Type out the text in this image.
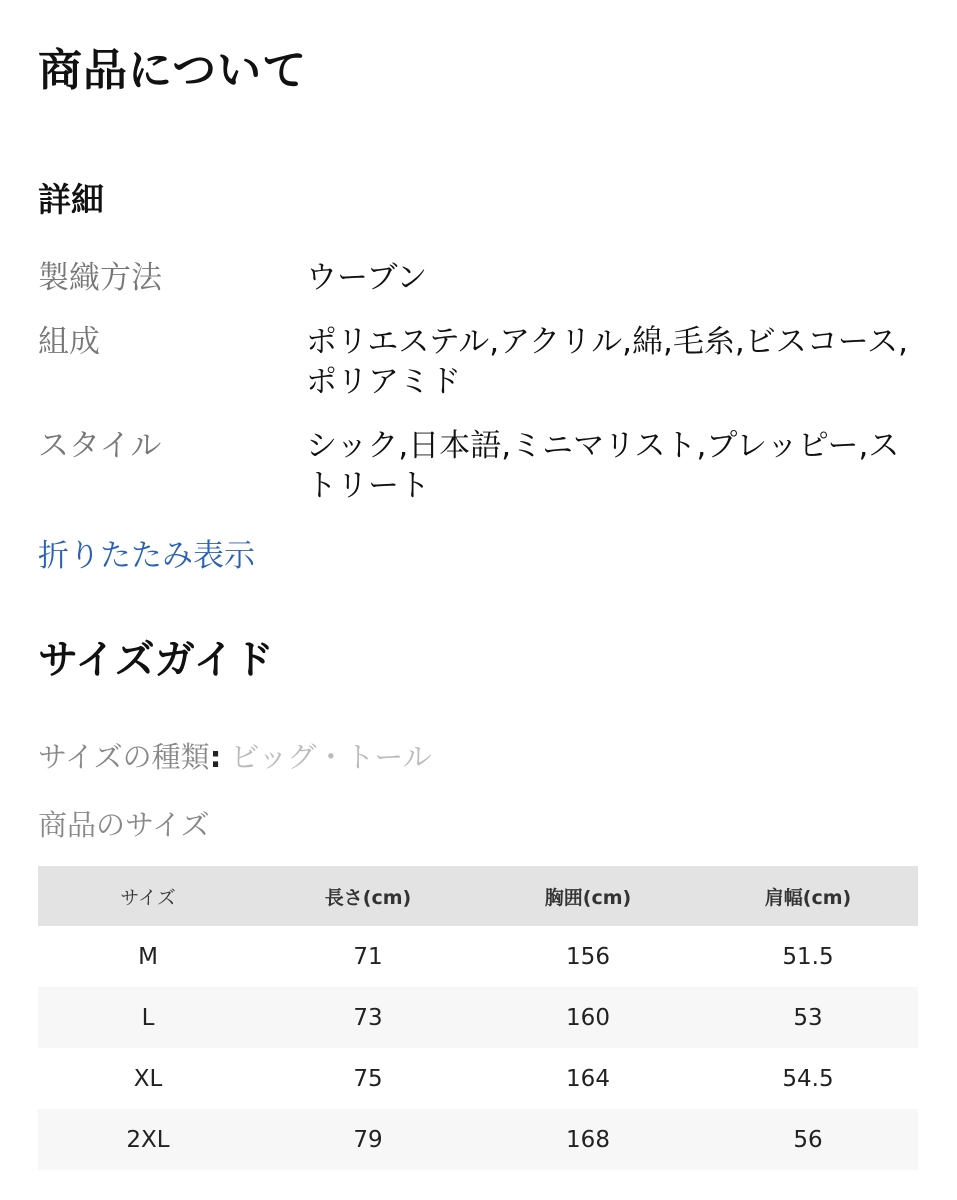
商品について
詳細
製織方法	ウーブン
組成	ポリエステル,アクリル,綿,毛糸,ビスコース,ポリアミド
スタイル	シック,日本語,ミニマリスト,プレッピー,ストリート
折りたたみ表示
サイズガイド
サイズの種類: ビッグ・トール
商品のサイズ
サイズ	長さ(cm)	胸囲(cm)	肩幅(cm)
M	71	156	51.5
L	73	160	53
XL	75	164	54.5
2XL	79	168	56
